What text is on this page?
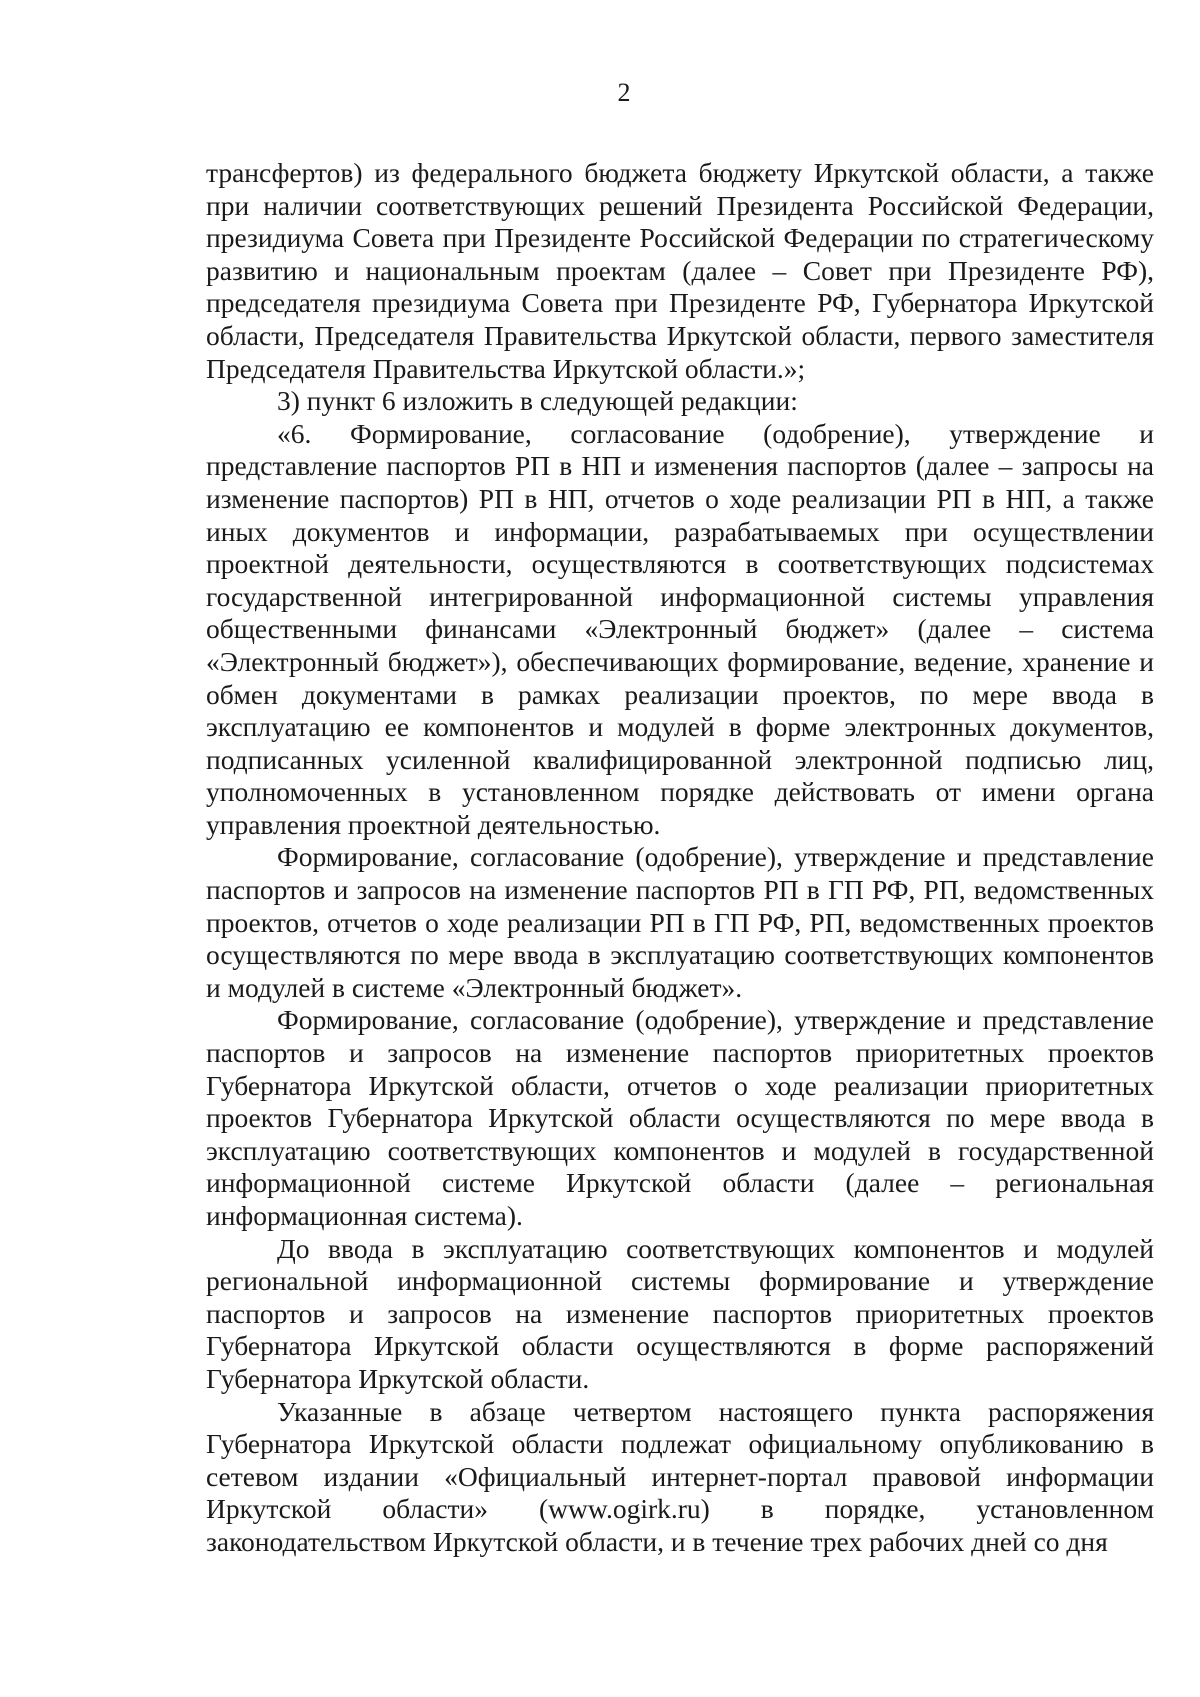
2

трансфертов) из федерального бюджета бюджету Иркутской области, а также при наличии соответствующих решений Президента Российской Федерации, президиума Совета при Президенте Российской Федерации по стратегическому развитию и национальным проектам (далее – Совет при Президенте РФ), председателя президиума Совета при Президенте РФ, Губернатора Иркутской области, Председателя Правительства Иркутской области, первого заместителя Председателя Правительства Иркутской области.»;

3) пункт 6 изложить в следующей редакции:

«6. Формирование, согласование (одобрение), утверждение и представление паспортов РП в НП и изменения паспортов (далее – запросы на изменение паспортов) РП в НП, отчетов о ходе реализации РП в НП, а также иных документов и информации, разрабатываемых при осуществлении проектной деятельности, осуществляются в соответствующих подсистемах государственной интегрированной информационной системы управления общественными финансами «Электронный бюджет» (далее – система «Электронный бюджет»), обеспечивающих формирование, ведение, хранение и обмен документами в рамках реализации проектов, по мере ввода в эксплуатацию ее компонентов и модулей в форме электронных документов, подписанных усиленной квалифицированной электронной подписью лиц, уполномоченных в установленном порядке действовать от имени органа управления проектной деятельностью.

Формирование, согласование (одобрение), утверждение и представление паспортов и запросов на изменение паспортов РП в ГП РФ, РП, ведомственных проектов, отчетов о ходе реализации РП в ГП РФ, РП, ведомственных проектов осуществляются по мере ввода в эксплуатацию соответствующих компонентов и модулей в системе «Электронный бюджет».

Формирование, согласование (одобрение), утверждение и представление паспортов и запросов на изменение паспортов приоритетных проектов Губернатора Иркутской области, отчетов о ходе реализации приоритетных проектов Губернатора Иркутской области осуществляются по мере ввода в эксплуатацию соответствующих компонентов и модулей в государственной информационной системе Иркутской области (далее – региональная информационная система).

До ввода в эксплуатацию соответствующих компонентов и модулей региональной информационной системы формирование и утверждение паспортов и запросов на изменение паспортов приоритетных проектов Губернатора Иркутской области осуществляются в форме распоряжений Губернатора Иркутской области.

Указанные в абзаце четвертом настоящего пункта распоряжения Губернатора Иркутской области подлежат официальному опубликованию в сетевом издании «Официальный интернет-портал правовой информации Иркутской области» (www.ogirk.ru) в порядке, установленном законодательством Иркутской области, и в течение трех рабочих дней со дня
